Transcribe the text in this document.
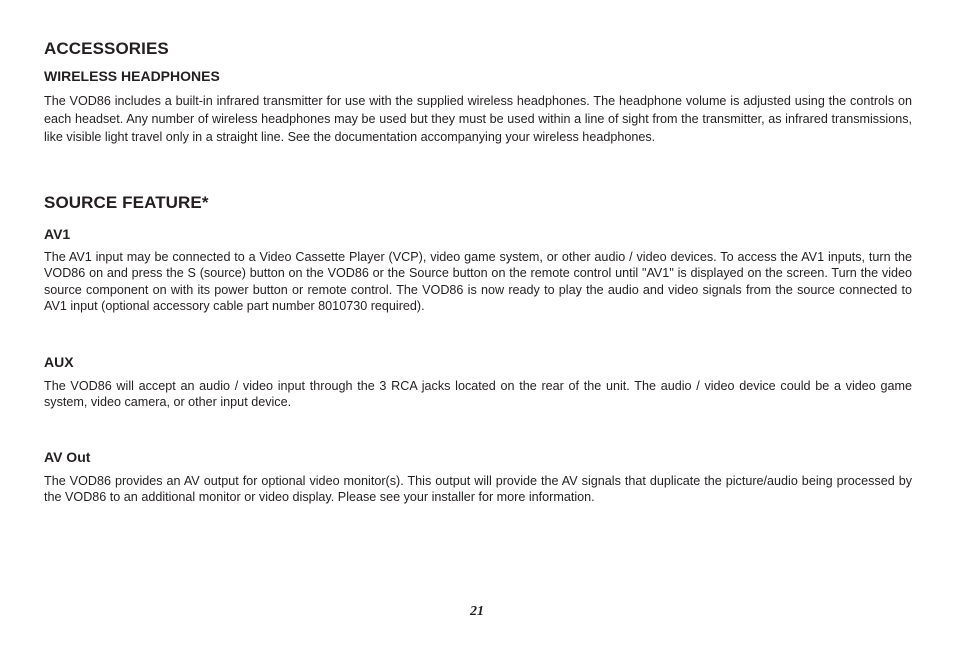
ACCESSORIES
WIRELESS HEADPHONES

The VOD86 includes a built-in infrared transmitter for use with the supplied wireless headphones. The headphone volume is adjusted using the controls on each headset. Any number of wireless headphones may be used but they must be used within a line of sight from the transmitter, as infrared transmissions, like visible light travel only in a straight line. See the documentation accompanying your wireless headphones.

SOURCE FEATURE*
AV1

The AV1 input may be connected to a Video Cassette Player (VCP), video game system, or other audio / video devices. To access the AV1 inputs, turn the VOD86 on and press the S (source) button on the VOD86 or the Source button on the remote control until "AV1" is displayed on the screen. Turn the video source component on with its power button or remote control. The VOD86 is now ready to play the audio and video signals from the source connected to AV1 input (optional accessory cable part number 8010730 required).

AUX

The VOD86 will accept an audio / video input through the 3 RCA jacks located on the rear of the unit. The audio / video device could be a video game system, video camera, or other input device.

AV Out

The VOD86 provides an AV output for optional video monitor(s). This output will provide the AV signals that duplicate the picture/audio being processed by the VOD86 to an additional monitor or video display. Please see your installer for more information.

21
